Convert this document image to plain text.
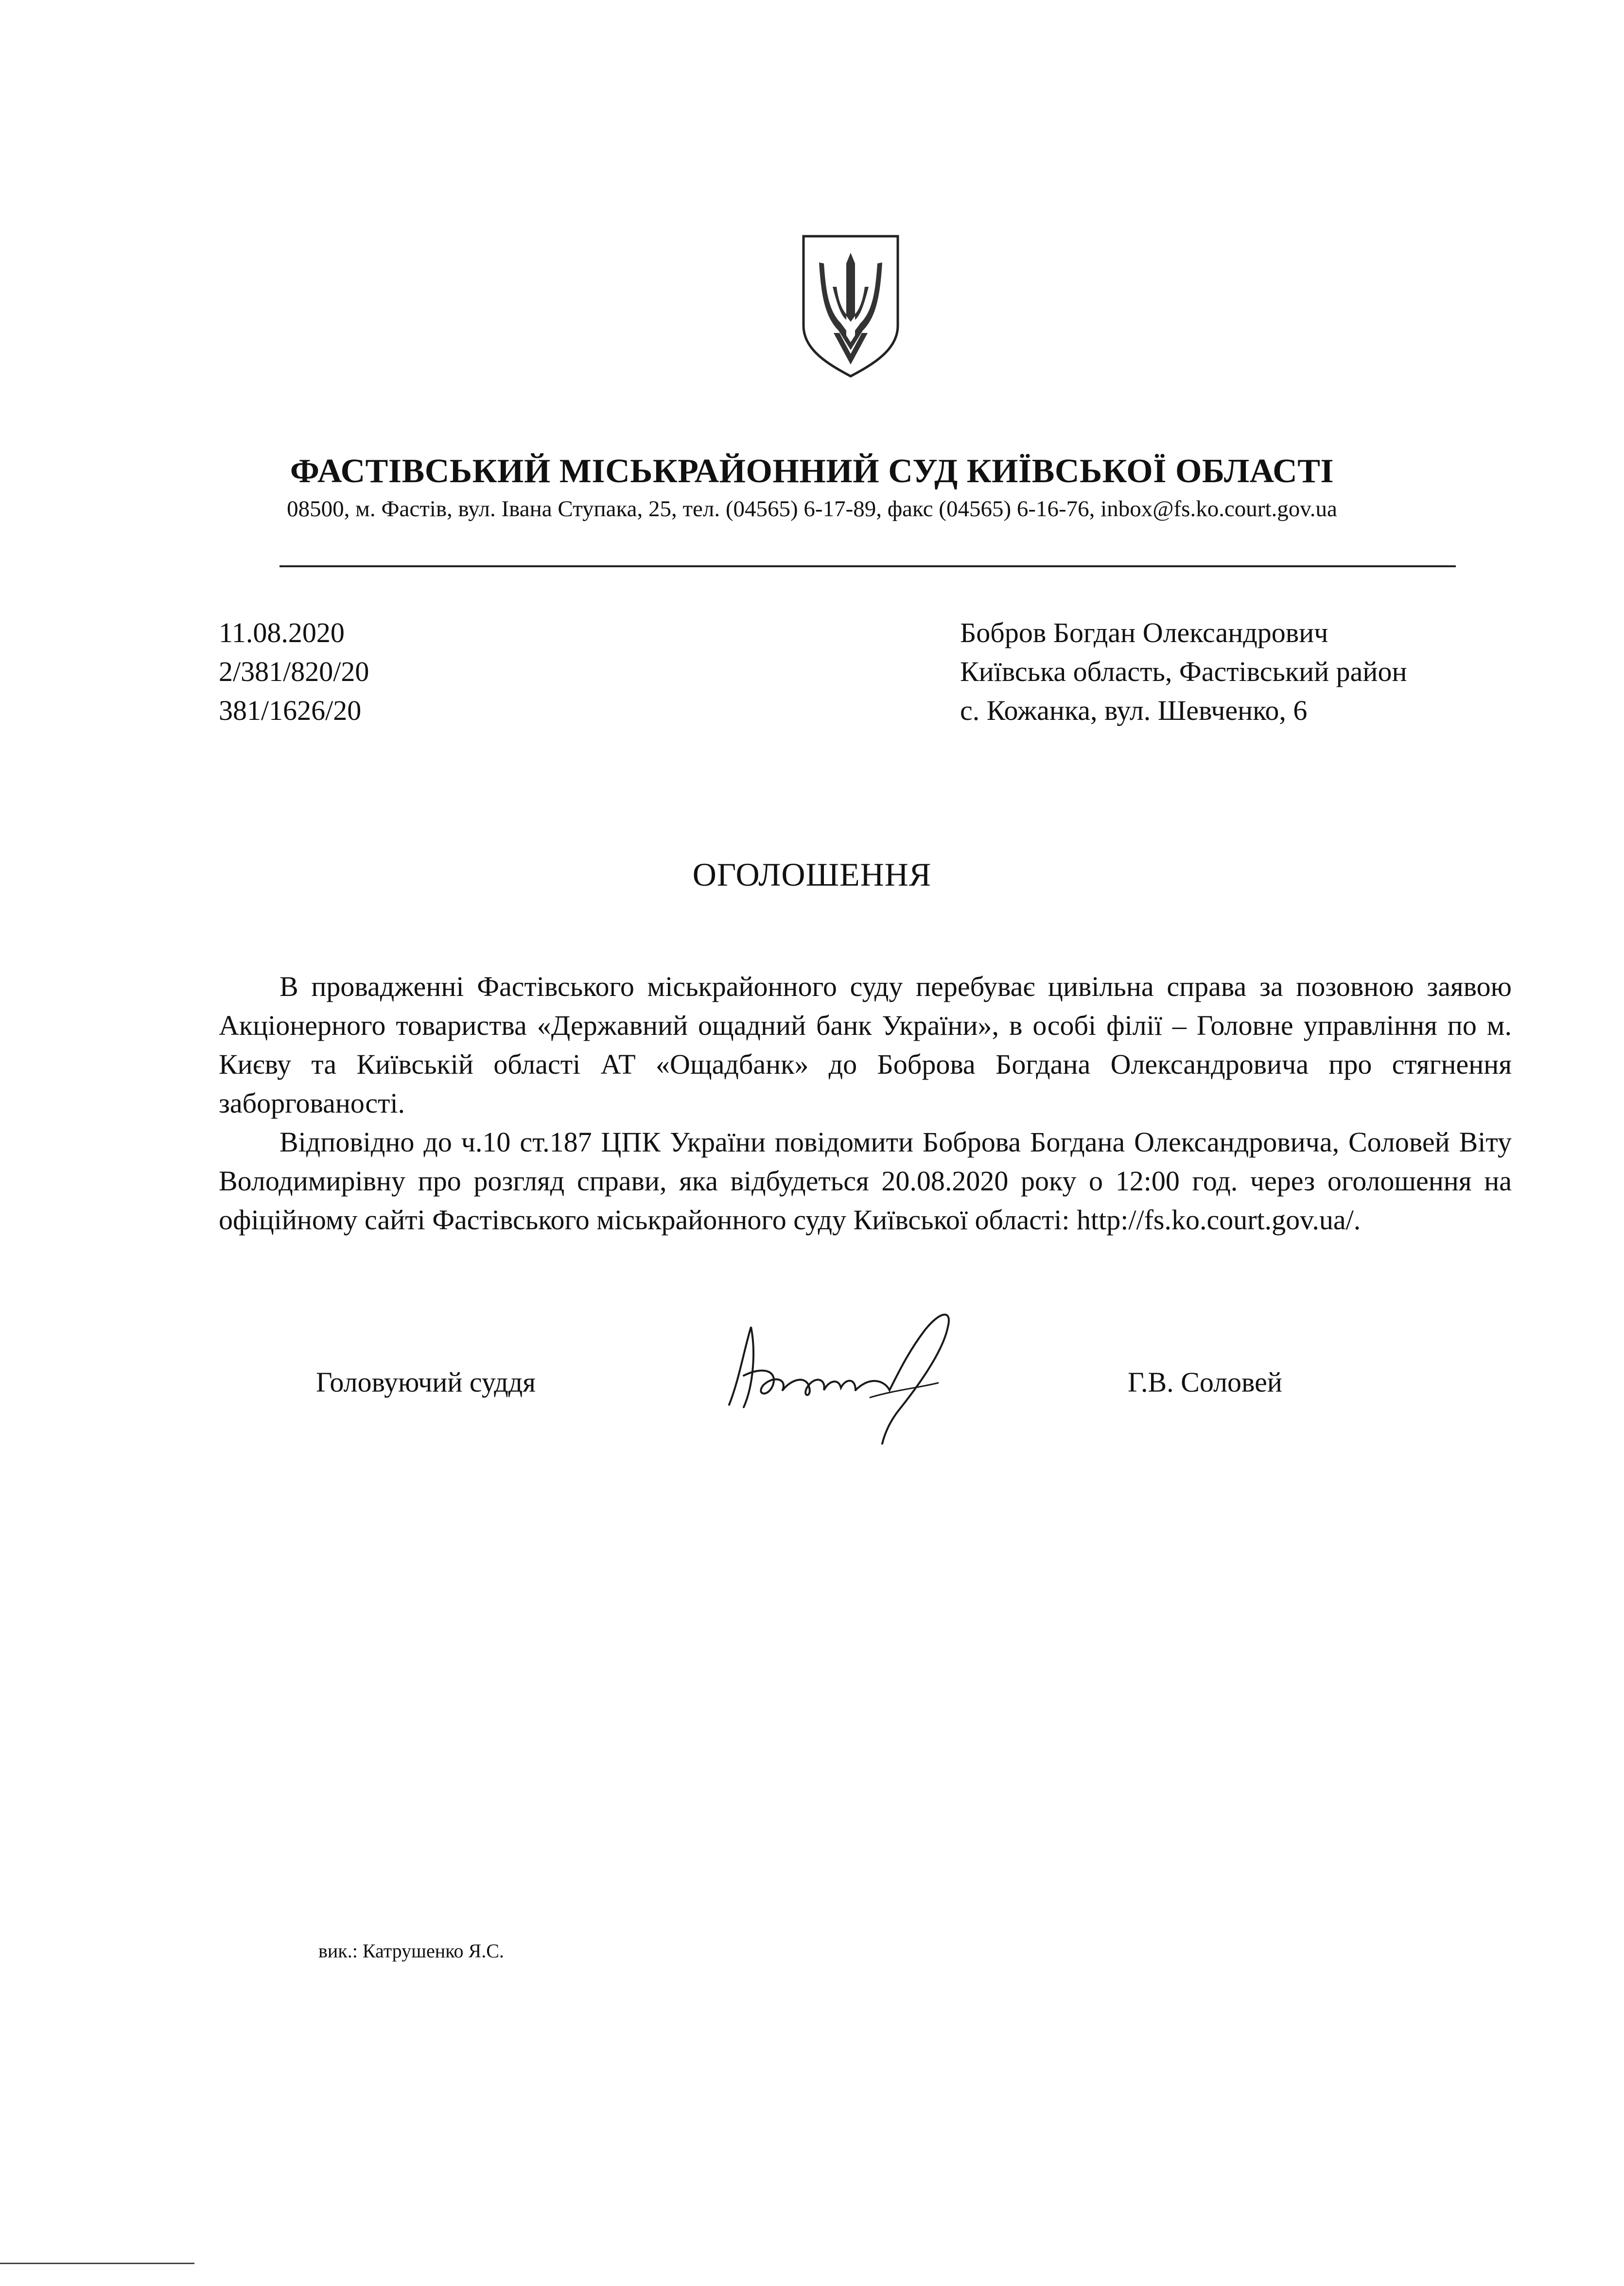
ФАСТІВСЬКИЙ МІСЬКРАЙОННИЙ СУД КИЇВСЬКОЇ ОБЛАСТІ
08500, м. Фастів, вул. Івана Ступака, 25, тел. (04565) 6-17-89, факс (04565) 6-16-76, inbox@fs.ko.court.gov.ua
11.08.2020
2/381/820/20
381/1626/20
Бобров Богдан Олександрович
Київська область, Фастівський район
с. Кожанка, вул. Шевченко, 6
ОГОЛОШЕННЯ

В провадженні Фастівського міськрайонного суду перебуває цивільна справа за позовною заявою Акціонерного товариства «Державний ощадний банк України», в особі філії – Головне управління по м. Києву та Київській області АТ «Ощадбанк» до Боброва Богдана Олександровича про стягнення заборгованості.

Відповідно до ч.10 ст.187 ЦПК України повідомити Боброва Богдана Олександровича, Соловей Віту Володимирівну про розгляд справи, яка відбудеться 20.08.2020 року о 12:00 год. через оголошення на офіційному сайті Фастівського міськрайонного суду Київської області: http://fs.ko.court.gov.ua/.

Головуючий суддя	Г.В. Соловей
вик.: Катрушенко Я.С.
